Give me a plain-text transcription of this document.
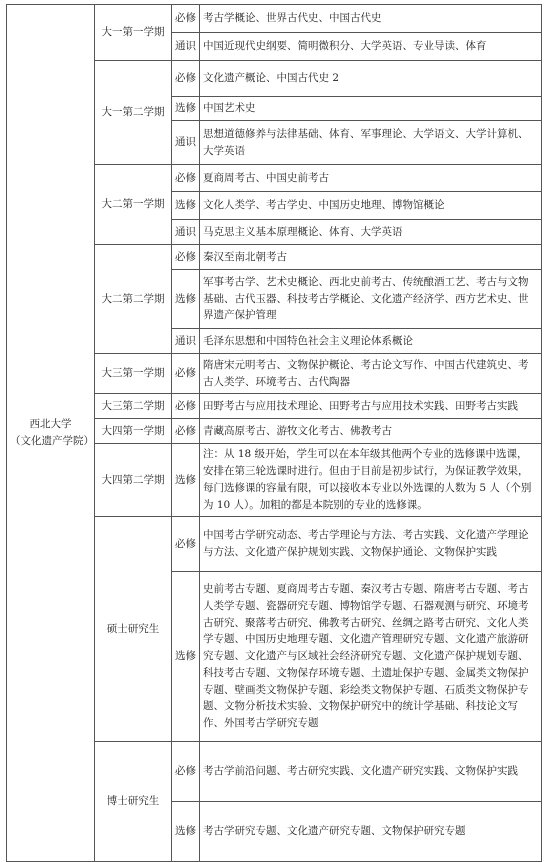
西北大学
（文化遗产学院）	大一第一学期	必修	考古学概论、世界古代史、中国古代史
		通识	中国近现代史纲要、简明微积分、大学英语、专业导读、体育
	大一第二学期	必修	文化遗产概论、中国古代史 2
		选修	中国艺术史
		通识	思想道德修养与法律基础、体育、军事理论、大学语文、大学计算机、大学英语
	大二第一学期	必修	夏商周考古、中国史前考古
		选修	文化人类学、考古学史、中国历史地理、博物馆概论
		通识	马克思主义基本原理概论、体育、大学英语
	大二第二学期	必修	秦汉至南北朝考古
		选修	军事考古学、艺术史概论、西北史前考古、传统酿酒工艺、考古与文物基础、古代玉器、科技考古学概论、文化遗产经济学、西方艺术史、世界遗产保护管理
		通识	毛泽东思想和中国特色社会主义理论体系概论
	大三第一学期	必修	隋唐宋元明考古、文物保护概论、考古论文写作、中国古代建筑史、考古人类学、环境考古、古代陶器
	大三第二学期	必修	田野考古与应用技术理论、田野考古与应用技术实践、田野考古实践
	大四第一学期	必修	青藏高原考古、游牧文化考古、佛教考古
	大四第二学期	选修	注：从 18 级开始，学生可以在本年级其他两个专业的选修课中选课，安排在第三轮选课时进行。但由于目前是初步试行，为保证教学效果，每门选修课的容量有限，可以接收本专业以外选课的人数为 5 人（个别为 10 人）。加粗的都是本院别的专业的选修课。
	硕士研究生	必修	中国考古学研究动态、考古学理论与方法、考古实践、文化遗产学理论与方法、文化遗产保护规划实践、文物保护通论、文物保护实践
		选修	史前考古专题、夏商周考古专题、秦汉考古专题、隋唐考古专题、考古人类学专题、瓷器研究专题、博物馆学专题、石器观测与研究、环境考古研究、聚落考古研究、佛教考古研究、丝绸之路考古研究、文化人类学专题、中国历史地理专题、文化遗产管理研究专题、文化遗产旅游研究专题、文化遗产与区域社会经济研究专题、文化遗产保护规划专题、科技考古专题、文物保存环境专题、土遗址保护专题、金属类文物保护专题、壁画类文物保护专题、彩绘类文物保护专题、石质类文物保护专题、文物分析技术实验、文物保护研究中的统计学基础、科技论文写作、外国考古学研究专题
	博士研究生	必修	考古学前沿问题、考古研究实践、文化遗产研究实践、文物保护实践
		选修	考古学研究专题、文化遗产研究专题、文物保护研究专题
